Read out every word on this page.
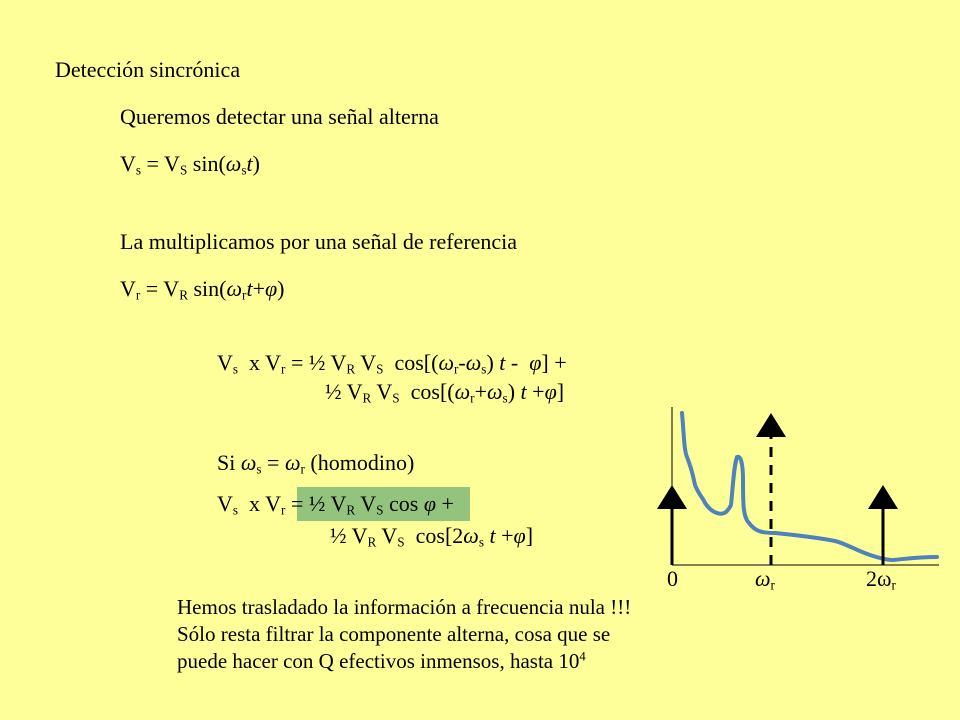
Detección sincrónica
Queremos detectar una señal alterna
$V_s = V_S$ $\sin(\omega_st)$
La multiplicamos por una señal de referencia
$V_r = V_R$ $\sin(\omega_rt+\varphi)$
$V_s$  x $V_r$ = ½ $V_R$ $V_S$  $\cos[(\omega_r-\omega_s)$ t -  φ] +
½ $V_R$ $V_S$  $\cos[(\omega_r+\omega_s)$ t +φ]
Si $\omega_s = \omega_r$ (homodino)
$V_s$  x $V_r$ = ½ $V_R$ $V_S$ cos φ +
½ $V_R$ $V_S$  $\cos[2\omega_s$ t +φ]
0	$\omega_r$	$2\omega_r$
Hemos trasladado la información a frecuencia nula !!!
Sólo resta filtrar la componente alterna, cosa que se
puede hacer con Q efectivos inmensos, hasta $10^4$
